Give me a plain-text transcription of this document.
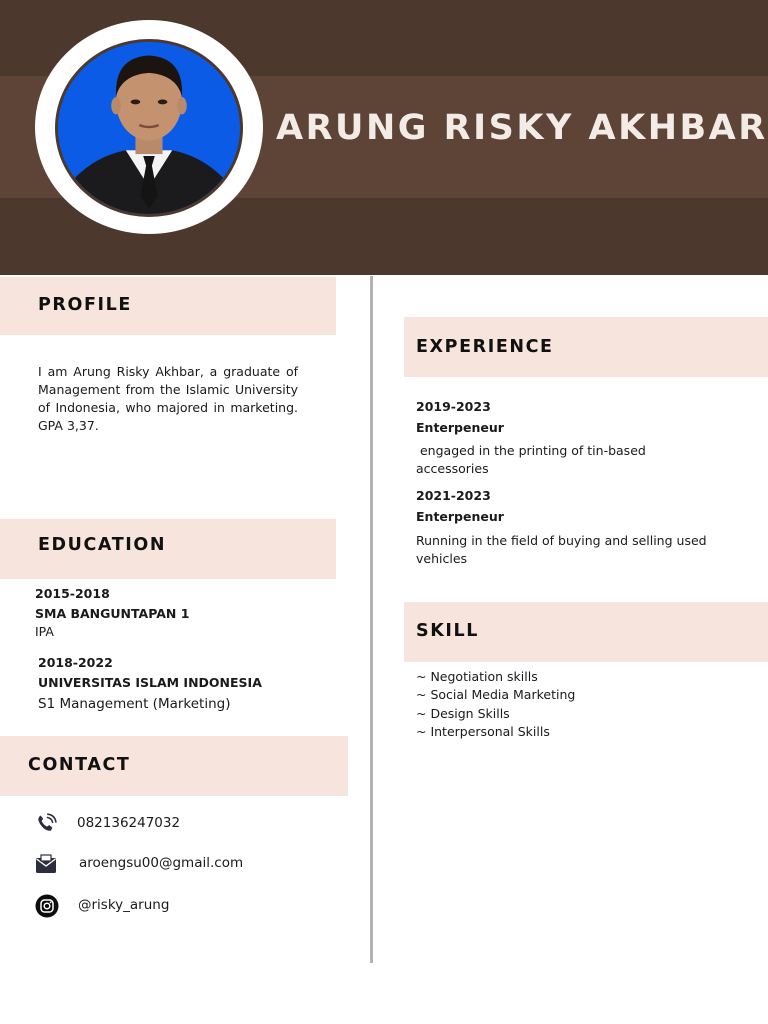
ARUNG RISKY AKHBAR
PROFILE
I am Arung Risky Akhbar, a graduate of Management from the Islamic University of Indonesia, who majored in marketing. GPA 3,37.
EDUCATION
2015-2018
SMA BANGUNTAPAN 1
IPA
2018-2022
UNIVERSITAS ISLAM INDONESIA
S1 Management (Marketing)
CONTACT
082136247032
aroengsu00@gmail.com
@risky_arung
EXPERIENCE
2019-2023
Enterpeneur
engaged in the printing of tin-based accessories
2021-2023
Enterpeneur
Running in the field of buying and selling used vehicles
SKILL
~ Negotiation skills
~ Social Media Marketing
~ Design Skills
~ Interpersonal Skills
